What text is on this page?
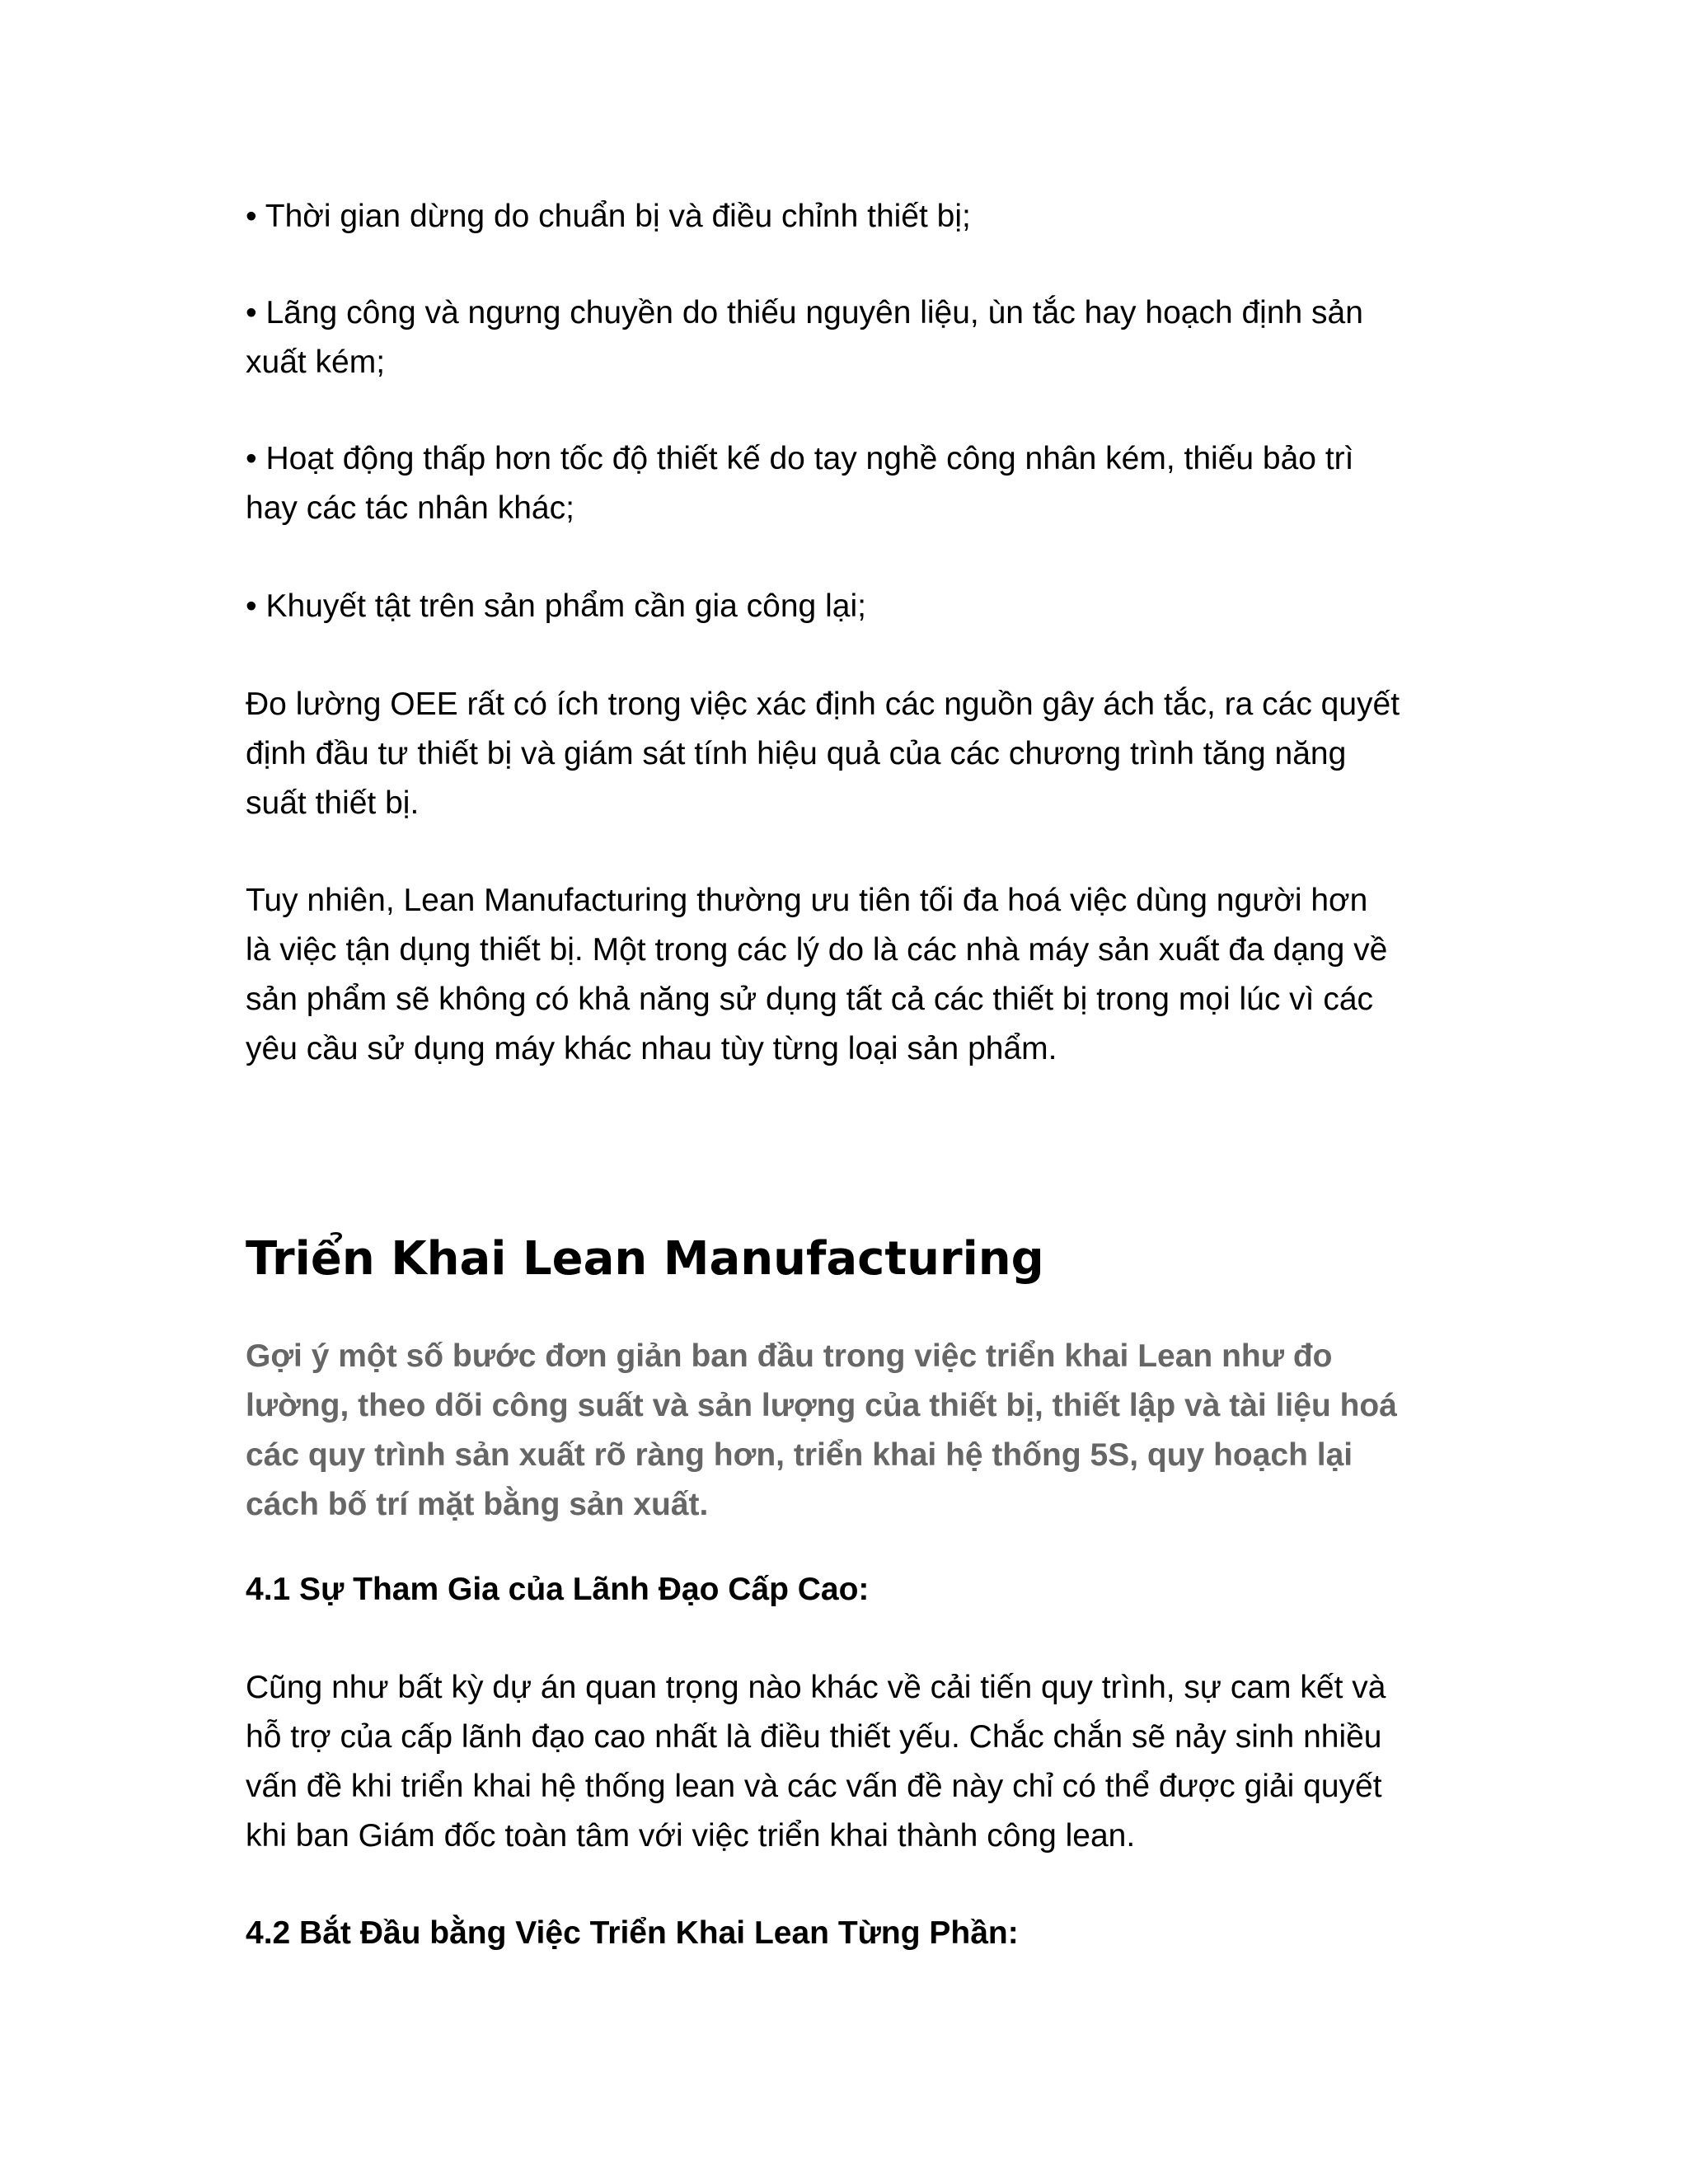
• Thời gian dừng do chuẩn bị và điều chỉnh thiết bị;
• Lãng công và ngưng chuyền do thiếu nguyên liệu, ùn tắc hay hoạch định sản
xuất kém;
• Hoạt động thấp hơn tốc độ thiết kế do tay nghề công nhân kém, thiếu bảo trì
hay các tác nhân khác;
• Khuyết tật trên sản phẩm cần gia công lại;
Đo lường OEE rất có ích trong việc xác định các nguồn gây ách tắc, ra các quyết
định đầu tư thiết bị và giám sát tính hiệu quả của các chương trình tăng năng
suất thiết bị.
Tuy nhiên, Lean Manufacturing thường ưu tiên tối đa hoá việc dùng người hơn
là việc tận dụng thiết bị. Một trong các lý do là các nhà máy sản xuất đa dạng về
sản phẩm sẽ không có khả năng sử dụng tất cả các thiết bị trong mọi lúc vì các
yêu cầu sử dụng máy khác nhau tùy từng loại sản phẩm.
Triển Khai Lean Manufacturing
Gợi ý một số bước đơn giản ban đầu trong việc triển khai Lean như đo
lường, theo dõi công suất và sản lượng của thiết bị, thiết lập và tài liệu hoá
các quy trình sản xuất rõ ràng hơn, triển khai hệ thống 5S, quy hoạch lại
cách bố trí mặt bằng sản xuất.
4.1 Sự Tham Gia của Lãnh Đạo Cấp Cao:
Cũng như bất kỳ dự án quan trọng nào khác về cải tiến quy trình, sự cam kết và
hỗ trợ của cấp lãnh đạo cao nhất là điều thiết yếu. Chắc chắn sẽ nảy sinh nhiều
vấn đề khi triển khai hệ thống lean và các vấn đề này chỉ có thể được giải quyết
khi ban Giám đốc toàn tâm với việc triển khai thành công lean.
4.2 Bắt Đầu bằng Việc Triển Khai Lean Từng Phần:
